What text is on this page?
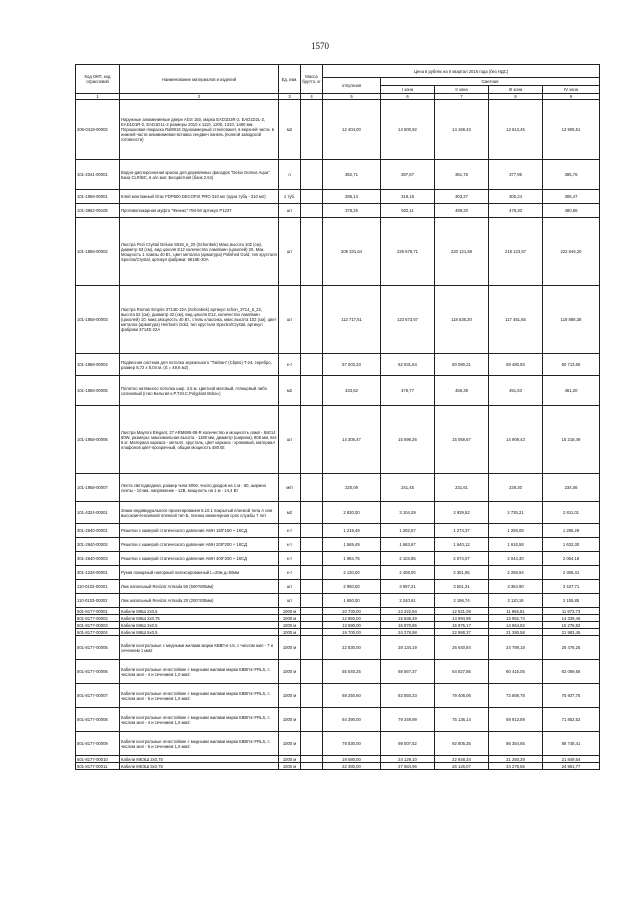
1570
Код ОКП, код отраслевой	Наименование материалов и изделий	Ед. изм.	Масса брутто, кг	Цена в рублях на II квартал 2016 года (без НДС)				
				отпускная	Сметная			
					I зона	II зона	III зона	IV зона
1	2	3	4	5	6	7	8	9
206-0418-00002	Наружные алюминиевые двери AGS 150, марка EAD1D2R-2, EAD1D2L-2, EAD1D1R-2, EAD1D1L-2 размеры 2010 х 1110, 1200, 1310, 1460 мм. Порошковая покраска Ral9016 Однокамерный стеклопакет, в верхней части, в нижней части алюминиевая вставка сендвич панель (полной заводской готовности)	м2		12 404,00	14 500,92	14 168,43	13 613,45	13 905,51
101-2041-00001	Водно-дисперсионная краска для деревянных фасадов "Delux Domus Aqua". База CLR/BC, в а/л мат. Бесцветная (банк 2,5л)	л		362,71	397,67	361,76	377,95	385,76
101-1958-00001	Клей монтажный Orac FDP500 DECOFIX PRO 310 мл (одна туба - 310 мл)	1 туб.		285,14	318,18	303,27	300,24	306,47
101-3862-09105	Противопожарная муфта "Феникс" ПМ-50 артикул P1237	шт		378,25	502,11	489,20	478,30	480,66
101-1858-00002	Люстра Pezi Crystal Deluxe 6618_в_20 (Schonbek) Макс.высота 102 (см), диаметр 53 (см), вид цоколя E12 количество ламп/мин (цоколей) 20, Мак. Мощность 1 лампы 40 Вт., цвет металла (арматура) Polished Gold, тип хрусталя Spectra/Crystal, артикул фабрики: 6618E-20A	шт		209 331,64	229 678,71	220 121,59	218 123,57	222 646,20
101-1858-00003	Люстра Roman Empire 3714E-22A (Schonbek) артикул schon_3714_в_22, высота 52 (см), диаметр 42 (см), вид цоколя E12, количество ламп/мин (цоколей) 10, макс.мощность 40 Вт., стиль классика, макс.высота 102 (см), цвет металла (арматура) Heirloom Gold, тип хрусталя Spectra/Crystal, артикул фабрики 3714E-22A	шт		112 717,51	123 673,67	118 635,20	117 451,65	119 888,38
101-1858-00004	Подвесная система для потолка зеркального "Тайпан" (Clipso) T-24, серебро, размер 8,72 х 8,04 м, (S = 49,6 м2)	к-т		57 003,33	62 631,64	60 080,21	59 480,83	60 713,65
101-1856-00005	Полотно натяжного потолка шир. 3,5 м. Цветной матовый, глянцевый либо сатиновый (п-во Бельгия к.P.T.M.C.Polyplast Bvba»)	м2		433,62	476,77	456,39	451,63	461,20
101-1958-00006	Люстра Mayroni Elegant, 27 ARM685-08-R количество и мощность ламп - 8хE14 60W, размеры: максимальная высота - 1190 мм, диаметр (ширина), 806 мм, вес 6 кг. Материал каркаса - металл, хрусталь, цвет каркаса - хромовый, материал плафонов цвет-прозрачный, общая мощность 480 Вт.	шт		14 305,47	15 696,26	15 059,67	14 909,43	15 218,49
101-1958-00007	Лента светодиодная, размер чипа 5050, число диодов на 1 м - 60, ширина ленты - 10 мм, напряжение - 12В, мощность на 1 м - 14,4 Вт	м/п		220,06	241,45	231,61	229,30	234,06
101-4324-00001	Знаки индивидуального проектирования 6.10.1 покрытый пленкой типа А или высокоинтенсивной пленкой тип Б, пленка инженерная срок службы 7 лет	м2		2 830,00	3 104,29	2 939,52	2 735,21	2 811,01
301-2640-00001	Решетки с камерой статического давления АМН 150*150 + 1КСД	к-т		1 219,49	1 292,67	1 274,37	1 256,08	1 286,29
301-2640-00002	Решетки с камерой статического давления АМН 200*200 + 1КСД	к-т		1 569,49	1 663,67	1 640,12	1 616,58	1 632,30
301-2640-00003	Решетки с камерой статического давления АМН 400*200 + 1КСД	к-т		1 984,75	2 103,85	2 074,07	2 044,30	2 064,18
301-1226-00001	Рукав пожарный напорный латексированный L=20м д=50мм	к-т		2 130,00	2 408,00	2 351,85	2 258,94	2 308,41
110-0103-00001	Люк напольный Revizor Armada 50 (500*500мм)	шт		2 950,00	3 597,21	3 501,31	3 354,90	3 437,71
110-0103-00002	Люк напольный Revizor Armada 20 (200*200мм)	шт		1 650,00	2 240,61	2 196,74	2 110,19	2 155,85
501-8177-00001	Кабели МКШ 2х0,5	1000 м		10 730,00	13 222,94	12 521,08	11 856,81	11 973,73
501-8177-00002	Кабели МКШ 2х0,75	1000 м		12 850,00	15 836,49	14 994,95	13 952,74	14 339,46
501-8177-00003	Кабели МКШ 3х0,5	1000 м		13 690,00	16 870,85	15 975,17	14 864,82	15 276,82
501-8177-00004	Кабели МКШ 5х0,5	1000 м		19 700,00	24 276,98	22 988,37	21 390,58	21 983,45
501-8177-00005	Кабели контрольные с медными жилами марки КВВГнг-LS, с числом жил - 7 и сечением 1 мм2	1000 м		22 830,00	28 134,19	26 640,84	24 789,18	25 476,25
501-8177-00006	Кабели контрольные огнестойкие с медными жилами марки КВВГнг-FRLS, с числом жил - 4 и сечением 1,0 мм2	1000 м		55 540,25	68 567,37	64 827,86	60 415,05	62 069,56
501-8177-00007	Кабели контрольные огнестойкие с медными жилами марки КВВГнг-FRLS, с числом жил - 5 и сечением 1,5 мм2	1000 м		68 250,60	83 850,33	79 406,06	73 889,78	75 937,75
501-8177-00008	Кабели контрольные огнестойкие с медными жилами марки КВВГнг-FRLS, с числом жил - 4 и сечением 1,5 мм2	1000 м		64 390,00	79 349,99	75 136,14	69 913,89	71 852,52
501-8177-00009	Кабели контрольные огнестойкие с медными жилами марки КВВГнг-FRLS, с числом жил - 5 и сечением 1,5 мм2	1000 м		79 530,00	98 007,52	92 805,35	86 354,65	88 748,41
501-8177-00010	Кабели МКЭШ 2х0,75	1000 м		19 580,00	24 129,10	22 848,34	21 260,29	21 849,54
501-8177-00011	Кабели МКЭШ 3х0,75	1000 м		22 380,00	27 584,96	26 126,07	24 278,65	24 951,77
